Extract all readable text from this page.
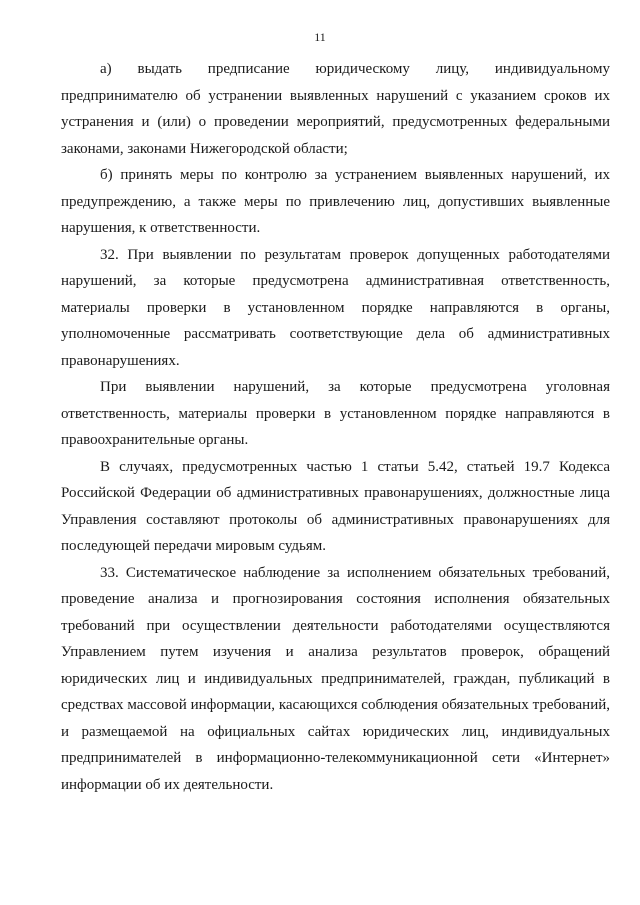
11

а) выдать предписание юридическому лицу, индивидуальному предпринимателю об устранении выявленных нарушений с указанием сроков их устранения и (или) о проведении мероприятий, предусмотренных федеральными законами, законами Нижегородской области;

б) принять меры по контролю за устранением выявленных нарушений, их предупреждению, а также меры по привлечению лиц, допустивших выявленные нарушения, к ответственности.

32. При выявлении по результатам проверок допущенных работодателями нарушений, за которые предусмотрена административная ответственность, материалы проверки в установленном порядке направляются в органы, уполномоченные рассматривать соответствующие дела об административных правонарушениях.

При выявлении нарушений, за которые предусмотрена уголовная ответственность, материалы проверки в установленном порядке направляются в правоохранительные органы.

В случаях, предусмотренных частью 1 статьи 5.42, статьей 19.7 Кодекса Российской Федерации об административных правонарушениях, должностные лица Управления составляют протоколы об административных правонарушениях для последующей передачи мировым судьям.

33. Систематическое наблюдение за исполнением обязательных требований, проведение анализа и прогнозирования состояния исполнения обязательных требований при осуществлении деятельности работодателями осуществляются Управлением путем изучения и анализа результатов проверок, обращений юридических лиц и индивидуальных предпринимателей, граждан, публикаций в средствах массовой информации, касающихся соблюдения обязательных требований, и размещаемой на официальных сайтах юридических лиц, индивидуальных предпринимателей в информационно-телекоммуникационной сети «Интернет» информации об их деятельности.
